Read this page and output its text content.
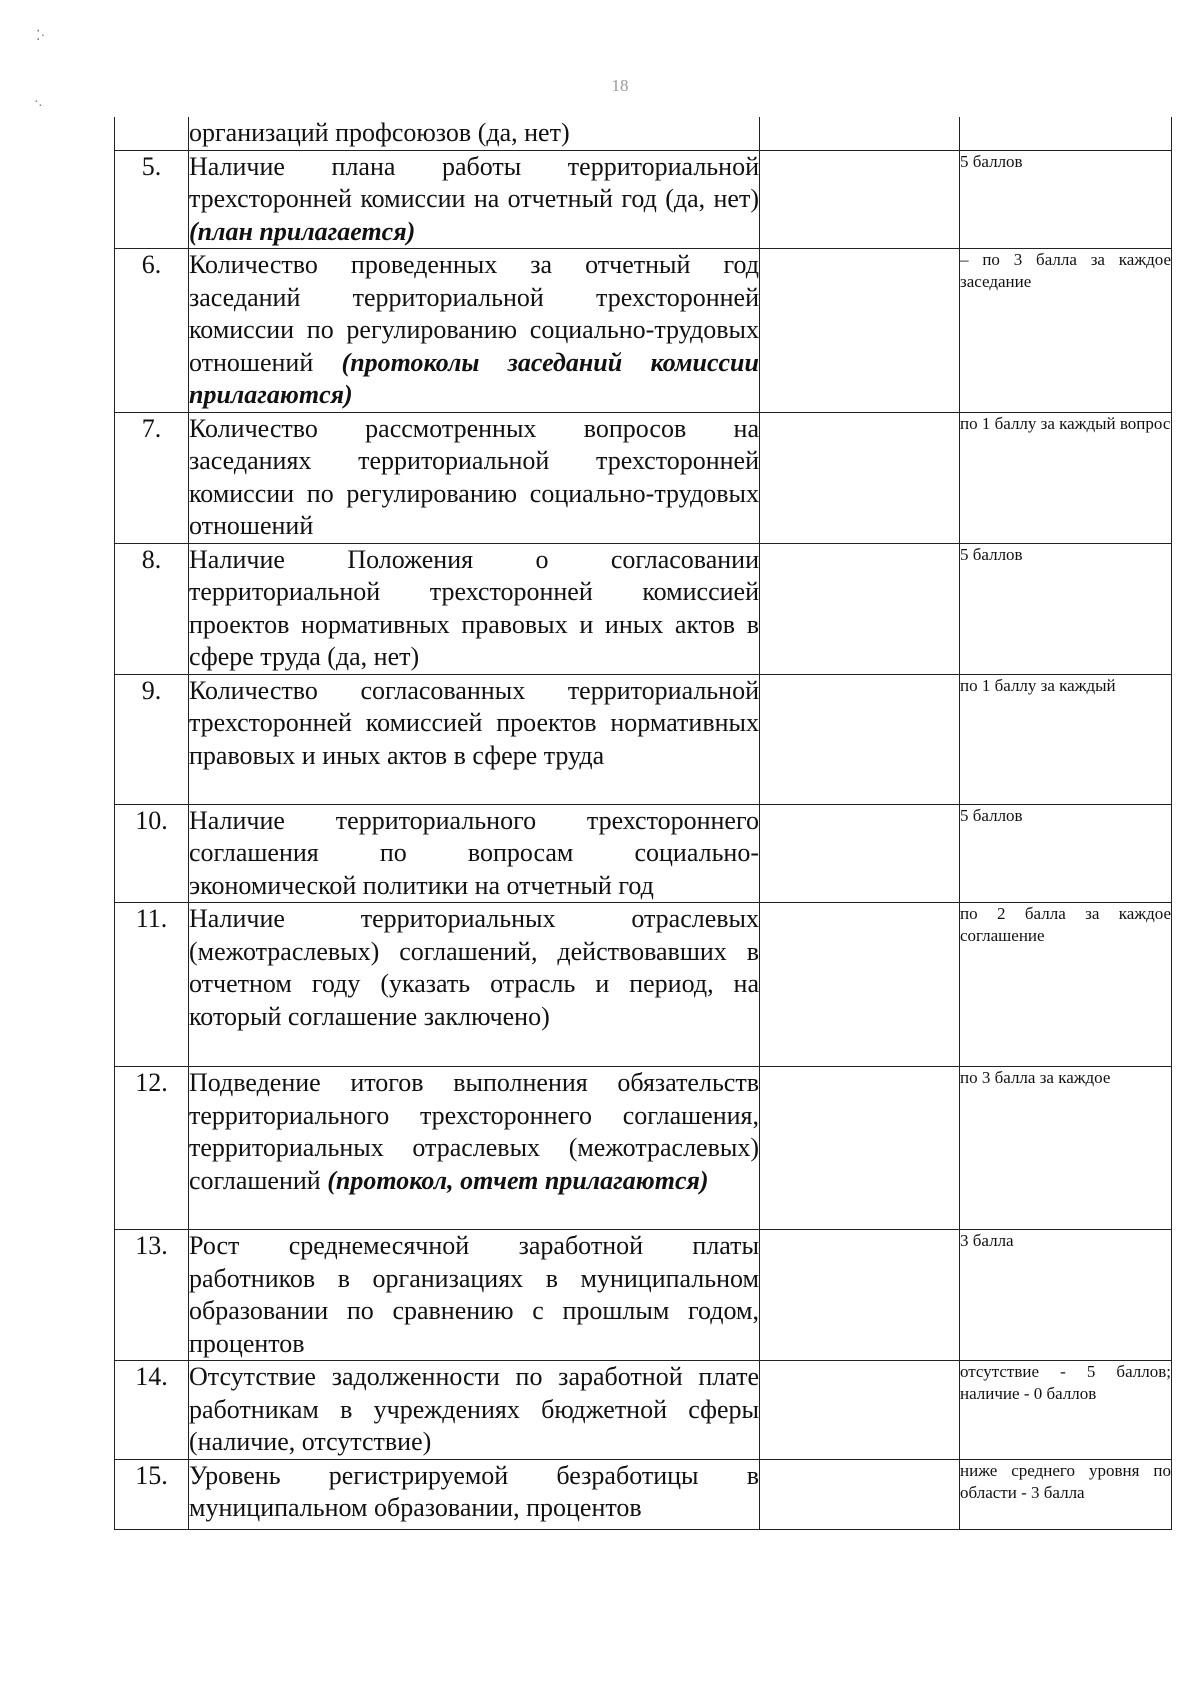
18
⁚·
·.
	организаций профсоюзов (да, нет)		
5.	Наличие плана работы территориальной трехсторонней комиссии на отчетный год (да, нет) (план прилагается)		5 баллов
6.	Количество проведенных за отчетный год заседаний территориальной трехсторонней комиссии по регулированию социально-трудовых отношений (протоколы заседаний комиссии прилагаются)		– по 3 балла за каждое заседание
7.	Количество рассмотренных вопросов на заседаниях территориальной трехсторонней комиссии по регулированию социально-трудовых отношений		по 1 баллу за каждый вопрос
8.	Наличие Положения о согласовании территориальной трехсторонней комиссией проектов нормативных правовых и иных актов в сфере труда (да, нет)		5 баллов
9.	Количество согласованных территориальной трехсторонней комиссией проектов нормативных правовых и иных актов в сфере труда		по 1 баллу за каждый
10.	Наличие территориального трехстороннего соглашения по вопросам социально-экономической политики на отчетный год		5 баллов
11.	Наличие территориальных отраслевых (межотраслевых) соглашений, действовавших в отчетном году (указать отрасль и период, на который соглашение заключено)		по 2 балла за каждое соглашение
12.	Подведение итогов выполнения обязательств территориального трехстороннего соглашения, территориальных отраслевых (межотраслевых) соглашений (протокол, отчет прилагаются)		по 3 балла за каждое
13.	Рост среднемесячной заработной платы работников в организациях в муниципальном образовании по сравнению с прошлым годом, процентов		3 балла
14.	Отсутствие задолженности по заработной плате работникам в учреждениях бюджетной сферы (наличие, отсутствие)		отсутствие - 5 баллов; наличие - 0 баллов
15.	Уровень регистрируемой безработицы в муниципальном образовании, процентов		ниже среднего уровня по области - 3 балла
